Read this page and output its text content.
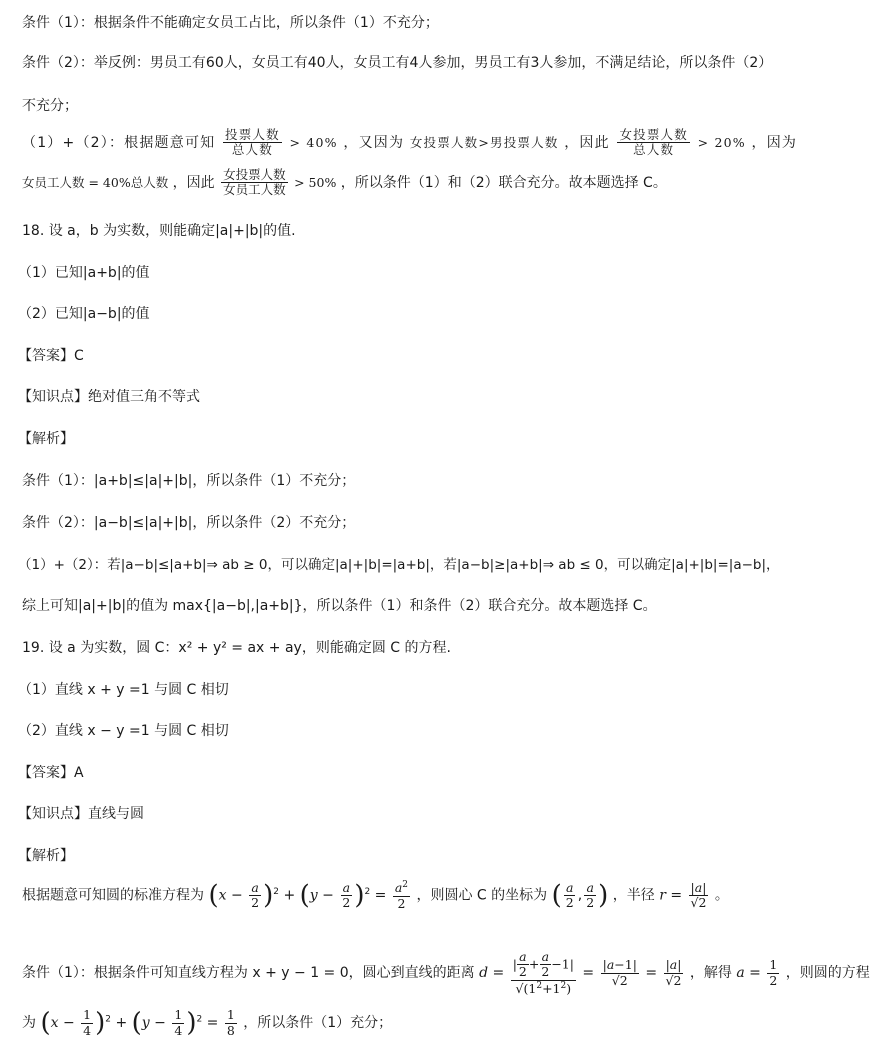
条件（1）：根据条件不能确定女员工占比，所以条件（1）不充分；
条件（2）：举反例：男员工有60人，女员工有40人，女员工有4人参加，男员工有3人参加，不满足结论，所以条件（2）
不充分；
（1）+（2）：根据题意可知 $\frac{\text{投票人数}}{\text{总人数}} > 40\%$ ，又因为 女投票人数>男投票人数 ，因此 $\frac{\text{女投票人数}}{\text{总人数}} > 20\%$ ，因为
女员工人数 = 40%总人数 ，因此 $\frac{\text{女投票人数}}{\text{女员工人数}} > 50\%$ ，所以条件（1）和（2）联合充分。故本题选择 C。
18. 设 a，b 为实数，则能确定|a|+|b|的值.
（1）已知|a+b|的值
（2）已知|a−b|的值
【答案】C
【知识点】绝对值三角不等式
【解析】
条件（1）：|a+b|≤|a|+|b|，所以条件（1）不充分；
条件（2）：|a−b|≤|a|+|b|，所以条件（2）不充分；
（1）+（2）：若|a−b|≤|a+b|⇒ ab ≥ 0，可以确定|a|+|b|=|a+b|，若|a−b|≥|a+b|⇒ ab ≤ 0，可以确定|a|+|b|=|a−b|，
综上可知|a|+|b|的值为 max{|a−b|,|a+b|}，所以条件（1）和条件（2）联合充分。故本题选择 C。
19. 设 a 为实数，圆 C：x² + y² = ax + ay，则能确定圆 C 的方程.
（1）直线 x + y =1 与圆 C 相切
（2）直线 x − y =1 与圆 C 相切
【答案】A
【知识点】直线与圆
【解析】
根据题意可知圆的标准方程为 $(x - \frac{a}{2} )^2 + (y - \frac{a}{2} )^2 = \frac{a^2}{2}$ ，则圆心 C 的坐标为 ( $\frac{a}{2}$ , $\frac{a}{2}$ ) ，半径 $r = \frac{|a|}{√2}$ 。
条件（1）：根据条件可知直线方程为 x + y − 1 = 0，圆心到直线的距离 $d = \frac{| \frac{a}{2} + \frac{a}{2} -1|}{√(1^2+1^2)} = \frac{|a-1|}{√2} = \frac{|a|}{√2}$ ，解得 $a = \frac{1}{2}$ ，则圆的方程
为 $(x - \frac{1}{4} )^2 + (y - \frac{1}{4} )^2 = \frac{1}{8}$ ，所以条件（1）充分；
